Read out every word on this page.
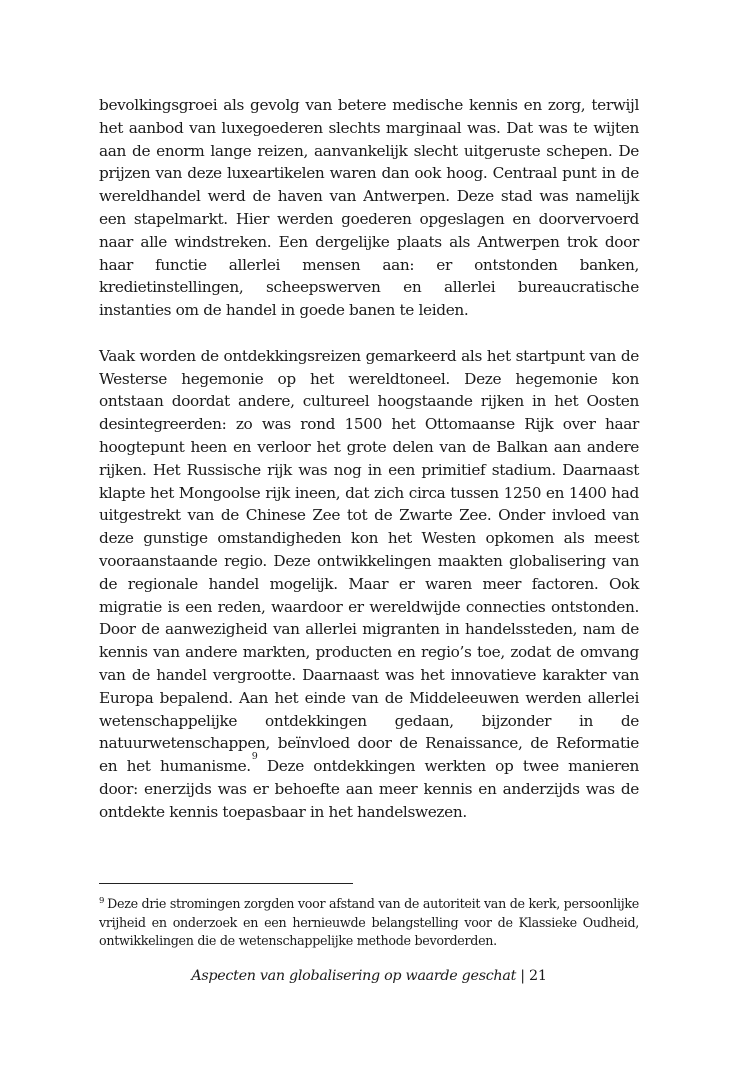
bevolkingsgroei als gevolg van betere medische kennis en zorg, terwijl het aanbod van luxegoederen slechts marginaal was. Dat was te wijten aan de enorm lange reizen, aanvankelijk slecht uitgeruste schepen. De prijzen van deze luxeartikelen waren dan ook hoog. Centraal punt in de wereldhandel werd de haven van Antwerpen. Deze stad was namelijk een stapelmarkt. Hier werden goederen opgeslagen en doorvervoerd naar alle windstreken. Een dergelijke plaats als Antwerpen trok door haar functie allerlei mensen aan: er ontstonden banken, kredietinstellingen, scheepswerven en allerlei bureaucratische instanties om de handel in goede banen te leiden.

Vaak worden de ontdekkingsreizen gemarkeerd als het startpunt van de Westerse hegemonie op het wereldtoneel. Deze hegemonie kon ontstaan doordat andere, cultureel hoogstaande rijken in het Oosten desintegreerden: zo was rond 1500 het Ottomaanse Rijk over haar hoogtepunt heen en verloor het grote delen van de Balkan aan andere rijken. Het Russische rijk was nog in een primitief stadium. Daarnaast klapte het Mongoolse rijk ineen, dat zich circa tussen 1250 en 1400 had uitgestrekt van de Chinese Zee tot de Zwarte Zee. Onder invloed van deze gunstige omstandigheden kon het Westen opkomen als meest vooraanstaande regio. Deze ontwikkelingen maakten globalisering van de regionale handel mogelijk. Maar er waren meer factoren. Ook migratie is een reden, waardoor er wereldwijde connecties ontstonden. Door de aanwezigheid van allerlei migranten in handelssteden, nam de kennis van andere markten, producten en regio’s toe, zodat de omvang van de handel vergrootte. Daarnaast was het innovatieve karakter van Europa bepalend. Aan het einde van de Middeleeuwen werden allerlei wetenschappelijke ontdekkingen gedaan, bijzonder in de natuurwetenschappen, beïnvloed door de Renaissance, de Reformatie en het humanisme.$^9$ Deze ontdekkingen werkten op twee manieren door: enerzijds was er behoefte aan meer kennis en anderzijds was de ontdekte kennis toepasbaar in het handelswezen.

$^9$ Deze drie stromingen zorgden voor afstand van de autoriteit van de kerk, persoonlijke vrijheid en onderzoek en een hernieuwde belangstelling voor de Klassieke Oudheid, ontwikkelingen die de wetenschappelijke methode bevorderden.

Aspecten van globalisering op waarde geschat | 21
